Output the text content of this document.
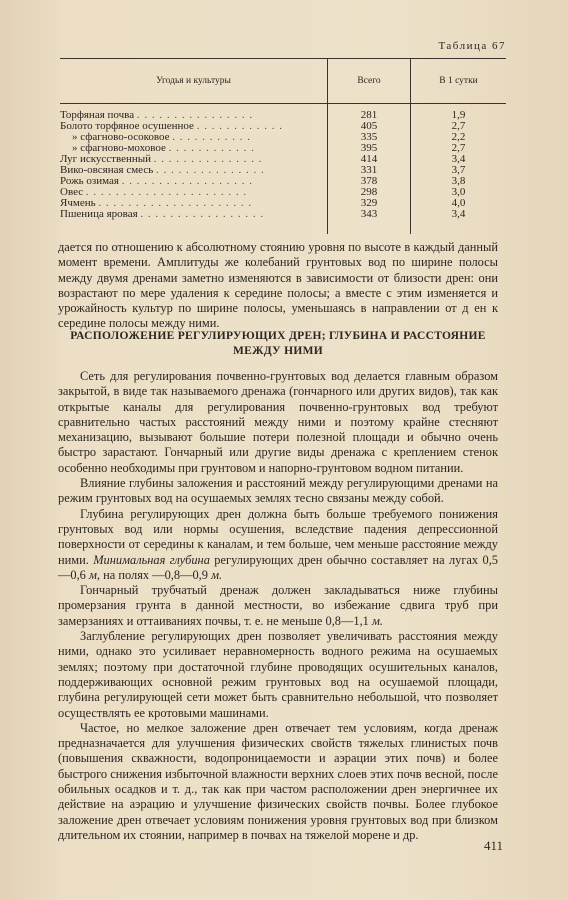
Таблица 67
Угодья и культуры	Всего	В 1 сутки

Торфяная почва . . . . . . . . . . . . . . . .	281	1,9
Болото торфяное осушенное . . . . . . . . . . . .	405	2,7
» сфагново-осоковое . . . . . . . . . . .	335	2,2
» сфагново-моховое . . . . . . . . . . . .	395	2,7
Луг искусственный . . . . . . . . . . . . . . .	414	3,4
Вико-овсяная смесь . . . . . . . . . . . . . . .	331	3,7
Рожь озимая . . . . . . . . . . . . . . . . . .	378	3,8
Овес . . . . . . . . . . . . . . . . . . . . . .	298	3,0
Ячмень . . . . . . . . . . . . . . . . . . . . .	329	4,0
Пшеница яровая . . . . . . . . . . . . . . . . .	343	3,4

дается по отношению к абсолютному стоянию уровня по высоте в каждый данный момент времени. Амплитуды же колебаний грунтовых вод по ширине полосы между двумя дренами заметно изменяются в зависимости от близости дрен: они возрастают по мере удаления к середине полосы; а вместе с этим изменяется и урожайность культур по ширине полосы, уменьшаясь в направлении от д ен к середине полосы между ними.

РАСПОЛОЖЕНИЕ РЕГУЛИРУЮЩИХ ДРЕН; ГЛУБИНА И РАССТОЯНИЕ
МЕЖДУ НИМИ

Сеть для регулирования почвенно-грунтовых вод делается главным образом закрытой, в виде так называемого дренажа (гончарного или других видов), так как открытые каналы для регулирования почвенно-грунтовых вод требуют сравнительно частых расстояний между ними и поэтому крайне стесняют механизацию, вызывают большие потери полезной площади и обычно очень быстро зарастают. Гончарный или другие виды дренажа с креплением стенок особенно необходимы при грунтовом и напорно-грунтовом водном питании.

Влияние глубины заложения и расстояний между регулирующими дренами на режим грунтовых вод на осушаемых землях тесно связаны между собой.

Глубина регулирующих дрен должна быть больше требуемого понижения грунтовых вод или нормы осушения, вследствие падения депрессионной поверхности от середины к каналам, и тем больше, чем меньше расстояние между ними. Минимальная глубина регулирующих дрен обычно составляет на лугах 0,5—0,6 м, на полях —0,8—0,9 м.

Гончарный трубчатый дренаж должен закладываться ниже глубины промерзания грунта в данной местности, во избежание сдвига труб при замерзаниях и оттаиваниях почвы, т. е. не меньше 0,8—1,1 м.

Заглубление регулирующих дрен позволяет увеличивать расстояния между ними, однако это усиливает неравномерность водного режима на осушаемых землях; поэтому при достаточной глубине проводящих осушительных каналов, поддерживающих основной режим грунтовых вод на осушаемой площади, глубина регулирующей сети может быть сравнительно небольшой, что позволяет осуществлять ее кротовыми машинами.

Частое, но мелкое заложение дрен отвечает тем условиям, когда дренаж предназначается для улучшения физических свойств тяжелых глинистых почв (повышения скважности, водопроницаемости и аэрации этих почв) и более быстрого снижения избыточной влажности верхних слоев этих почв весной, после обильных осадков и т. д., так как при частом расположении дрен энергичнее их действие на аэрацию и улучшение физических свойств почвы. Более глубокое заложение дрен отвечает условиям понижения уровня грунтовых вод при близком длительном их стоянии, например в почвах на тяжелой морене и др.

411
